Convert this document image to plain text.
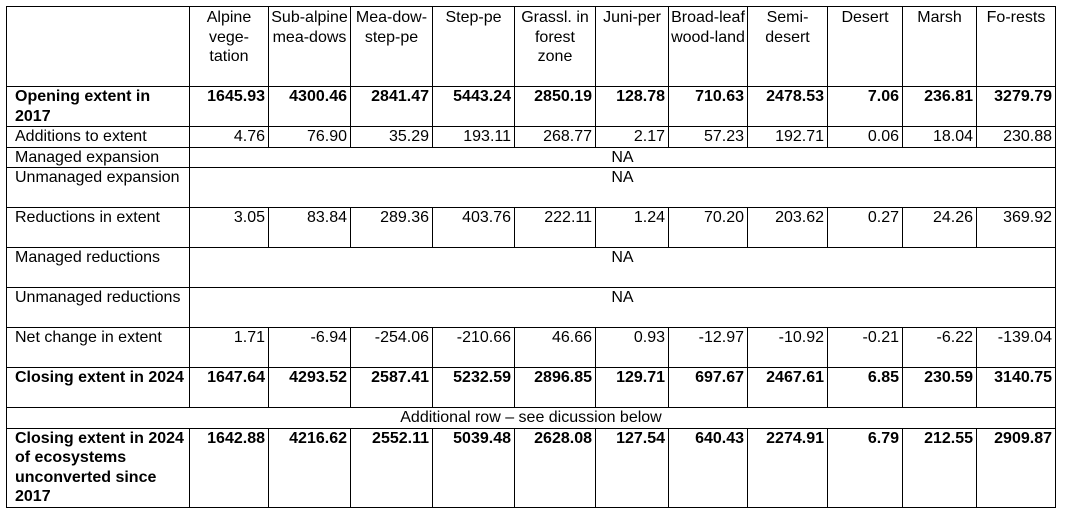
	Alpine vege-tation	Sub-alpine mea-dows	Mea-dow-step-pe	Step-pe	Grassl. in forest zone	Juni-per	Broad-leaf wood-land	Semi-desert	Desert	Marsh	Fo-rests
Opening extent in 2017	1645.93	4300.46	2841.47	5443.24	2850.19	128.78	710.63	2478.53	7.06	236.81	3279.79
Additions to extent	4.76	76.90	35.29	193.11	268.77	2.17	57.23	192.71	0.06	18.04	230.88
Managed expansion	NA										
Unmanaged expansion	NA										
Reductions in extent	3.05	83.84	289.36	403.76	222.11	1.24	70.20	203.62	0.27	24.26	369.92
Managed reductions	NA										
Unmanaged reductions	NA										
Net change in extent	1.71	-6.94	-254.06	-210.66	46.66	0.93	-12.97	-10.92	-0.21	-6.22	-139.04
Closing extent in 2024	1647.64	4293.52	2587.41	5232.59	2896.85	129.71	697.67	2467.61	6.85	230.59	3140.75
Additional row – see dicussion below											
Closing extent in 2024 of ecosystems unconverted since 2017	1642.88	4216.62	2552.11	5039.48	2628.08	127.54	640.43	2274.91	6.79	212.55	2909.87
